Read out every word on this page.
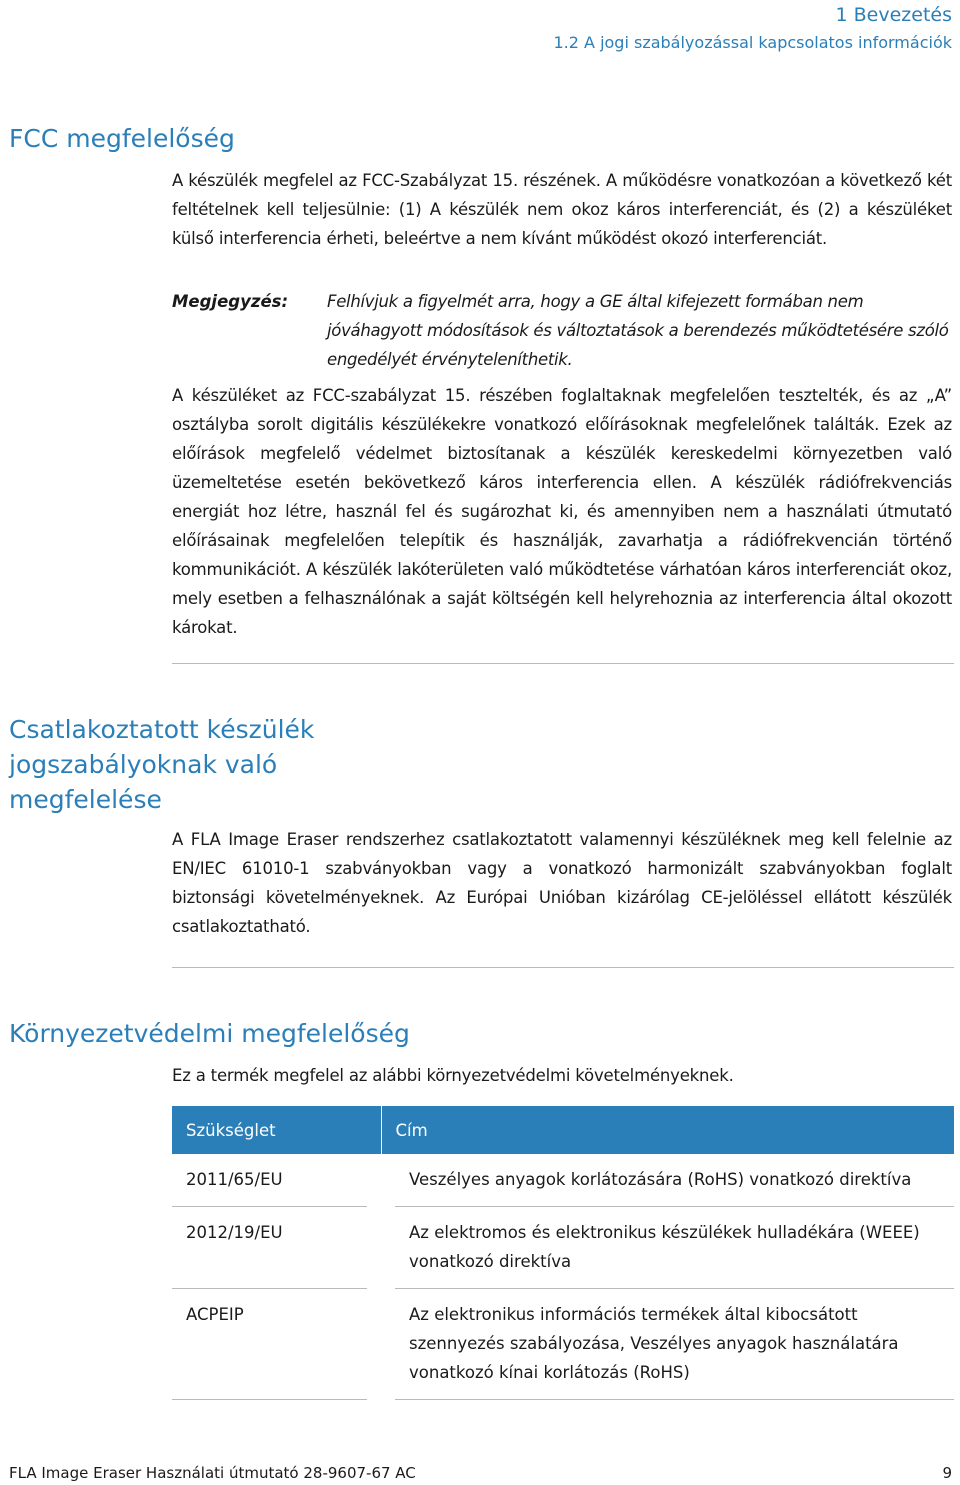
1 Bevezetés
1.2 A jogi szabályozással kapcsolatos információk
FCC megfelelőség

A készülék megfelel az FCC-Szabályzat 15. részének. A működésre vonatkozóan a következő két feltételnek kell teljesülnie: (1) A készülék nem okoz káros interferenciát, és (2) a készüléket külső interferencia érheti, beleértve a nem kívánt működést okozó interferenciát.

Megjegyzés: Felhívjuk a figyelmét arra, hogy a GE által kifejezett formában nem jóváhagyott módosítások és változtatások a berendezés működtetésére szóló engedélyét érvényteleníthetik.

A készüléket az FCC-szabályzat 15. részében foglaltaknak megfelelően tesztelték, és az „A” osztályba sorolt digitális készülékekre vonatkozó előírásoknak megfelelőnek találták. Ezek az előírások megfelelő védelmet biztosítanak a készülék kereskedelmi környezetben való üzemeltetése esetén bekövetkező káros interferencia ellen. A készülék rádiófrekvenciás energiát hoz létre, használ fel és sugározhat ki, és amennyiben nem a használati útmutató előírásainak megfelelően telepítik és használják, zavarhatja a rádiófrekvencián történő kommunikációt. A készülék lakóterületen való működtetése várhatóan káros interferenciát okoz, mely esetben a felhasználónak a saját költségén kell helyrehoznia az interferencia által okozott károkat.

Csatlakoztatott készülék
jogszabályoknak való
megfelelése

A FLA Image Eraser rendszerhez csatlakoztatott valamennyi készüléknek meg kell felelnie az EN/IEC 61010-1 szabványokban vagy a vonatkozó harmonizált szabványokban foglalt biztonsági követelményeknek. Az Európai Unióban kizárólag CE-jelöléssel ellátott készülék csatlakoztatható.

Környezetvédelmi megfelelőség

Ez a termék megfelel az alábbi környezetvédelmi követelményeknek.

Szükséglet	Cím
2011/65/EU	Veszélyes anyagok korlátozására (RoHS) vonatkozó direktíva
2012/19/EU	Az elektromos és elektronikus készülékek hulladékára (WEEE) vonatkozó direktíva
ACPEIP	Az elektronikus információs termékek által kibocsátott szennyezés szabályozása, Veszélyes anyagok használatára vonatkozó kínai korlátozás (RoHS)
FLA Image Eraser Használati útmutató 28-9607-67 AC	9
